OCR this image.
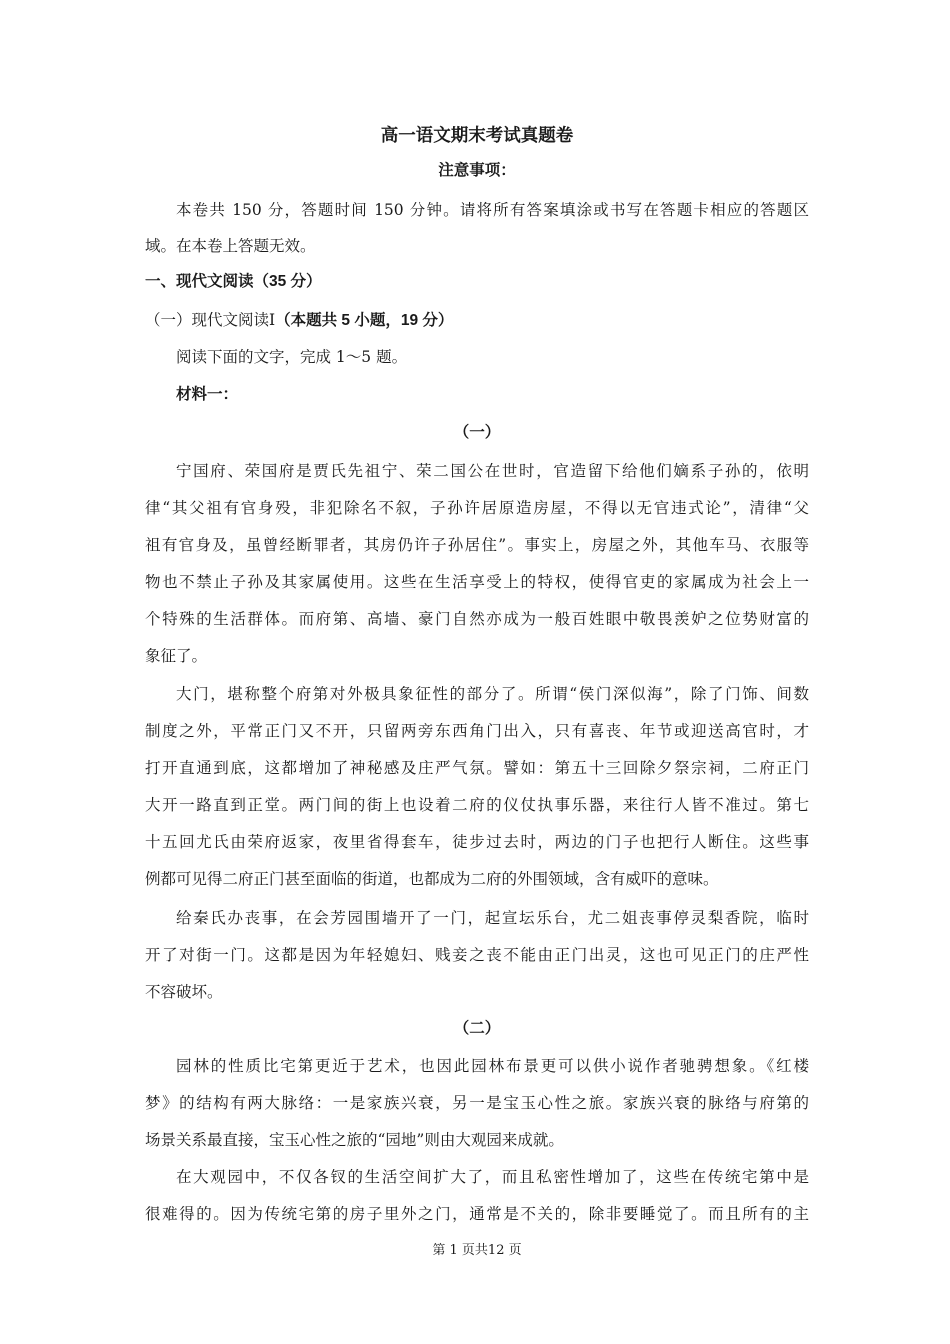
高一语文期末考试真题卷
注意事项：
本卷共 150 分，答题时间 150 分钟。请将所有答案填涂或书写在答题卡相应的答题区
域。在本卷上答题无效。
一、现代文阅读（35 分）
（一）现代文阅读Ⅰ（本题共 5 小题，19 分）
阅读下面的文字，完成 1～5 题。
材料一：
（一）
宁国府、荣国府是贾氏先祖宁、荣二国公在世时，官造留下给他们嫡系子孙的，依明
律“其父祖有官身殁，非犯除名不叙，子孙许居原造房屋，不得以无官违式论”，清律“父
祖有官身及，虽曾经断罪者，其房仍许子孙居住”。事实上，房屋之外，其他车马、衣服等
物也不禁止子孙及其家属使用。这些在生活享受上的特权，使得官吏的家属成为社会上一
个特殊的生活群体。而府第、高墙、豪门自然亦成为一般百姓眼中敬畏羡妒之位势财富的
象征了。
大门，堪称整个府第对外极具象征性的部分了。所谓“侯门深似海”，除了门饰、间数
制度之外，平常正门又不开，只留两旁东西角门出入，只有喜丧、年节或迎送高官时，才
打开直通到底，这都增加了神秘感及庄严气氛。譬如：第五十三回除夕祭宗祠，二府正门
大开一路直到正堂。两门间的街上也设着二府的仪仗执事乐器，来往行人皆不准过。第七
十五回尤氏由荣府返家，夜里省得套车，徒步过去时，两边的门子也把行人断住。这些事
例都可见得二府正门甚至面临的街道，也都成为二府的外围领域，含有威吓的意味。
给秦氏办丧事，在会芳园围墙开了一门，起宣坛乐台，尤二姐丧事停灵梨香院，临时
开了对街一门。这都是因为年轻媳妇、贱妾之丧不能由正门出灵，这也可见正门的庄严性
不容破坏。
（二）
园林的性质比宅第更近于艺术，也因此园林布景更可以供小说作者驰骋想象。《红楼
梦》的结构有两大脉络：一是家族兴衰，另一是宝玉心性之旅。家族兴衰的脉络与府第的
场景关系最直接，宝玉心性之旅的“园地”则由大观园来成就。
在大观园中，不仅各钗的生活空间扩大了，而且私密性增加了，这些在传统宅第中是
很难得的。因为传统宅第的房子里外之门，通常是不关的，除非要睡觉了。而且所有的主
第 1 页共12 页
